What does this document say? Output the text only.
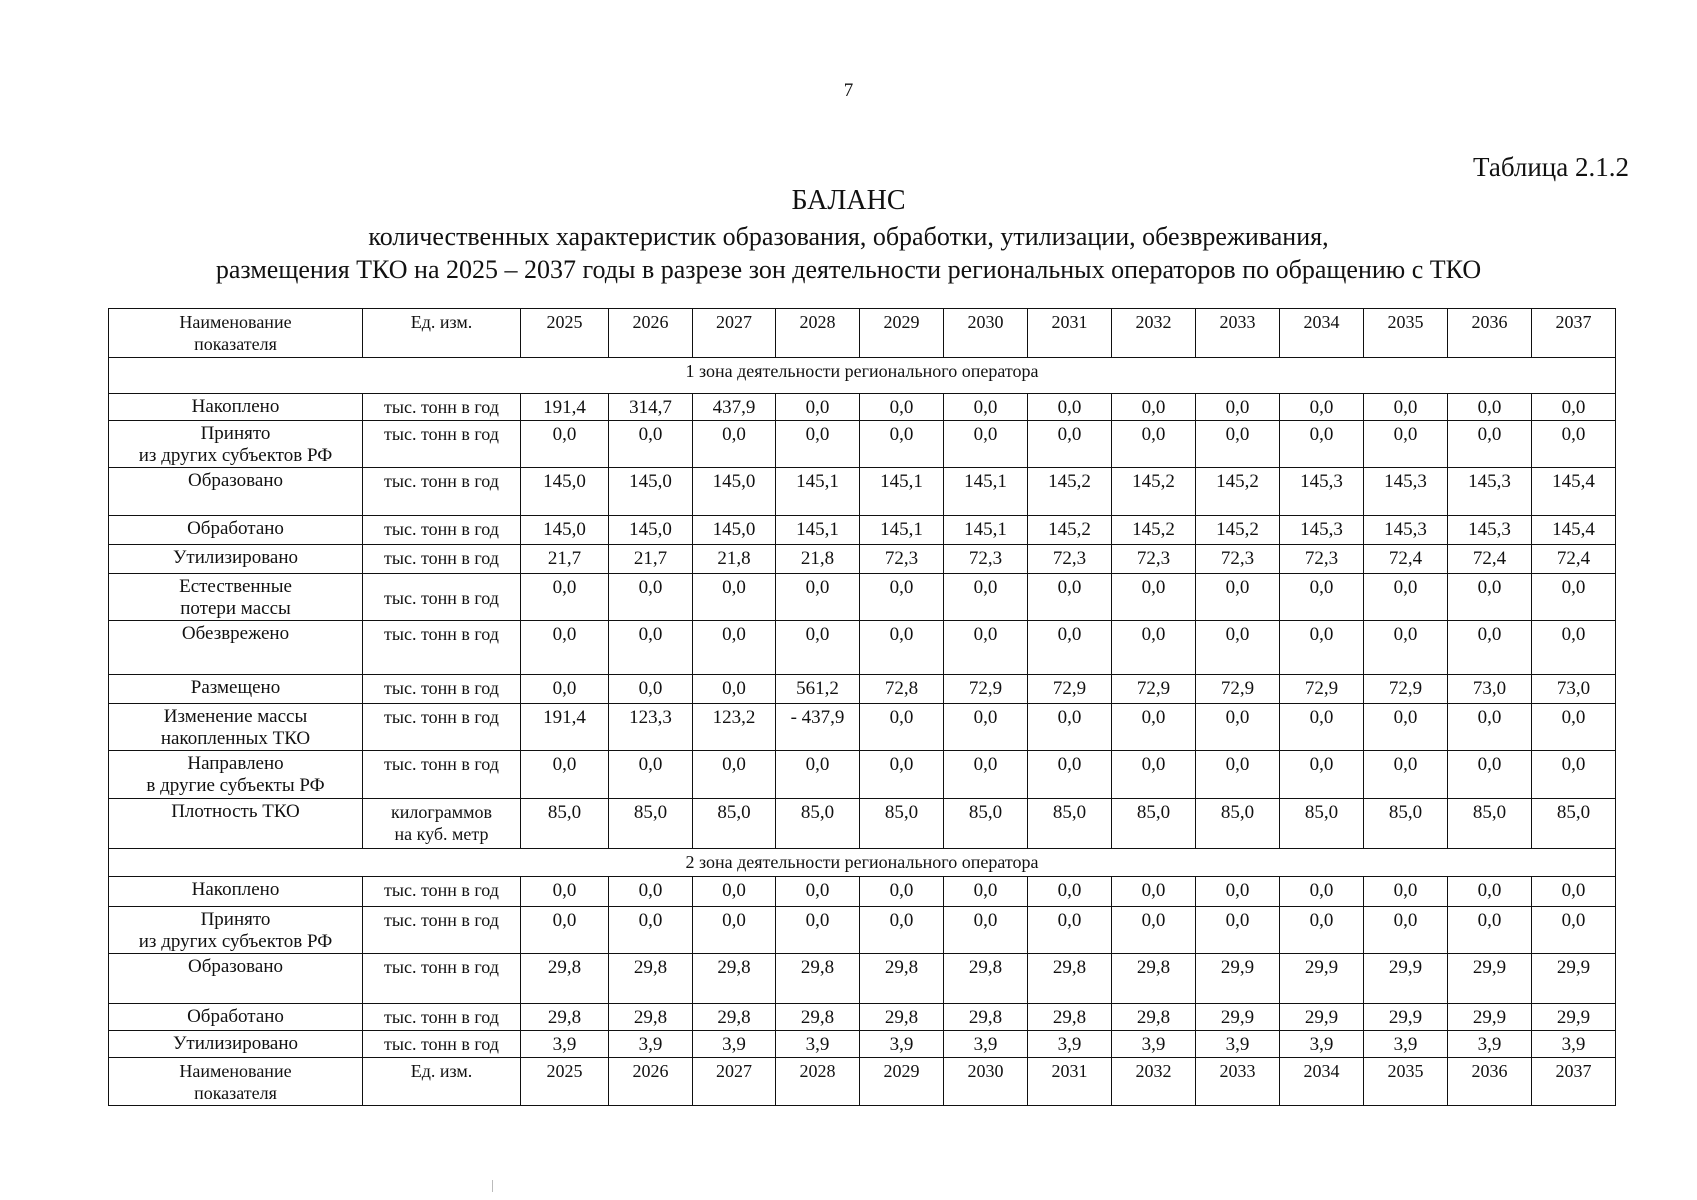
7
Таблица 2.1.2
БАЛАНС
количественных характеристик образования, обработки, утилизации, обезвреживания,
размещения ТКО на 2025 – 2037 годы в разрезе зон деятельности региональных операторов по обращению с ТКО
Наименование
показателя	Ед. изм.	2025	2026	2027	2028	2029	2030	2031	2032	2033	2034	2035	2036	2037
1 зона деятельности регионального оператора														

Накоплено	тыс. тонн в год	191,4	314,7	437,9	0,0	0,0	0,0	0,0	0,0	0,0	0,0	0,0	0,0	0,0

Принято
из других субъектов РФ	тыс. тонн в год	0,0	0,0	0,0	0,0	0,0	0,0	0,0	0,0	0,0	0,0	0,0	0,0	0,0

Образовано	тыс. тонн в год	145,0	145,0	145,0	145,1	145,1	145,1	145,2	145,2	145,2	145,3	145,3	145,3	145,4

Обработано	тыс. тонн в год	145,0	145,0	145,0	145,1	145,1	145,1	145,2	145,2	145,2	145,3	145,3	145,3	145,4

Утилизировано	тыс. тонн в год	21,7	21,7	21,8	21,8	72,3	72,3	72,3	72,3	72,3	72,3	72,4	72,4	72,4

Естественные
потери массы	тыс. тонн в год	0,0	0,0	0,0	0,0	0,0	0,0	0,0	0,0	0,0	0,0	0,0	0,0	0,0

Обезврежено	тыс. тонн в год	0,0	0,0	0,0	0,0	0,0	0,0	0,0	0,0	0,0	0,0	0,0	0,0	0,0

Размещено	тыс. тонн в год	0,0	0,0	0,0	561,2	72,8	72,9	72,9	72,9	72,9	72,9	72,9	73,0	73,0

Изменение массы
накопленных ТКО	тыс. тонн в год	191,4	123,3	123,2	- 437,9	0,0	0,0	0,0	0,0	0,0	0,0	0,0	0,0	0,0

Направлено
в другие субъекты РФ	тыс. тонн в год	0,0	0,0	0,0	0,0	0,0	0,0	0,0	0,0	0,0	0,0	0,0	0,0	0,0

Плотность ТКО	килограммов
на куб. метр	85,0	85,0	85,0	85,0	85,0	85,0	85,0	85,0	85,0	85,0	85,0	85,0	85,0
2 зона деятельности регионального оператора														

Накоплено	тыс. тонн в год	0,0	0,0	0,0	0,0	0,0	0,0	0,0	0,0	0,0	0,0	0,0	0,0	0,0

Принято
из других субъектов РФ	тыс. тонн в год	0,0	0,0	0,0	0,0	0,0	0,0	0,0	0,0	0,0	0,0	0,0	0,0	0,0

Образовано	тыс. тонн в год	29,8	29,8	29,8	29,8	29,8	29,8	29,8	29,8	29,9	29,9	29,9	29,9	29,9

Обработано	тыс. тонн в год	29,8	29,8	29,8	29,8	29,8	29,8	29,8	29,8	29,9	29,9	29,9	29,9	29,9

Утилизировано	тыс. тонн в год	3,9	3,9	3,9	3,9	3,9	3,9	3,9	3,9	3,9	3,9	3,9	3,9	3,9

Наименование
показателя	Ед. изм.	2025	2026	2027	2028	2029	2030	2031	2032	2033	2034	2035	2036	2037
